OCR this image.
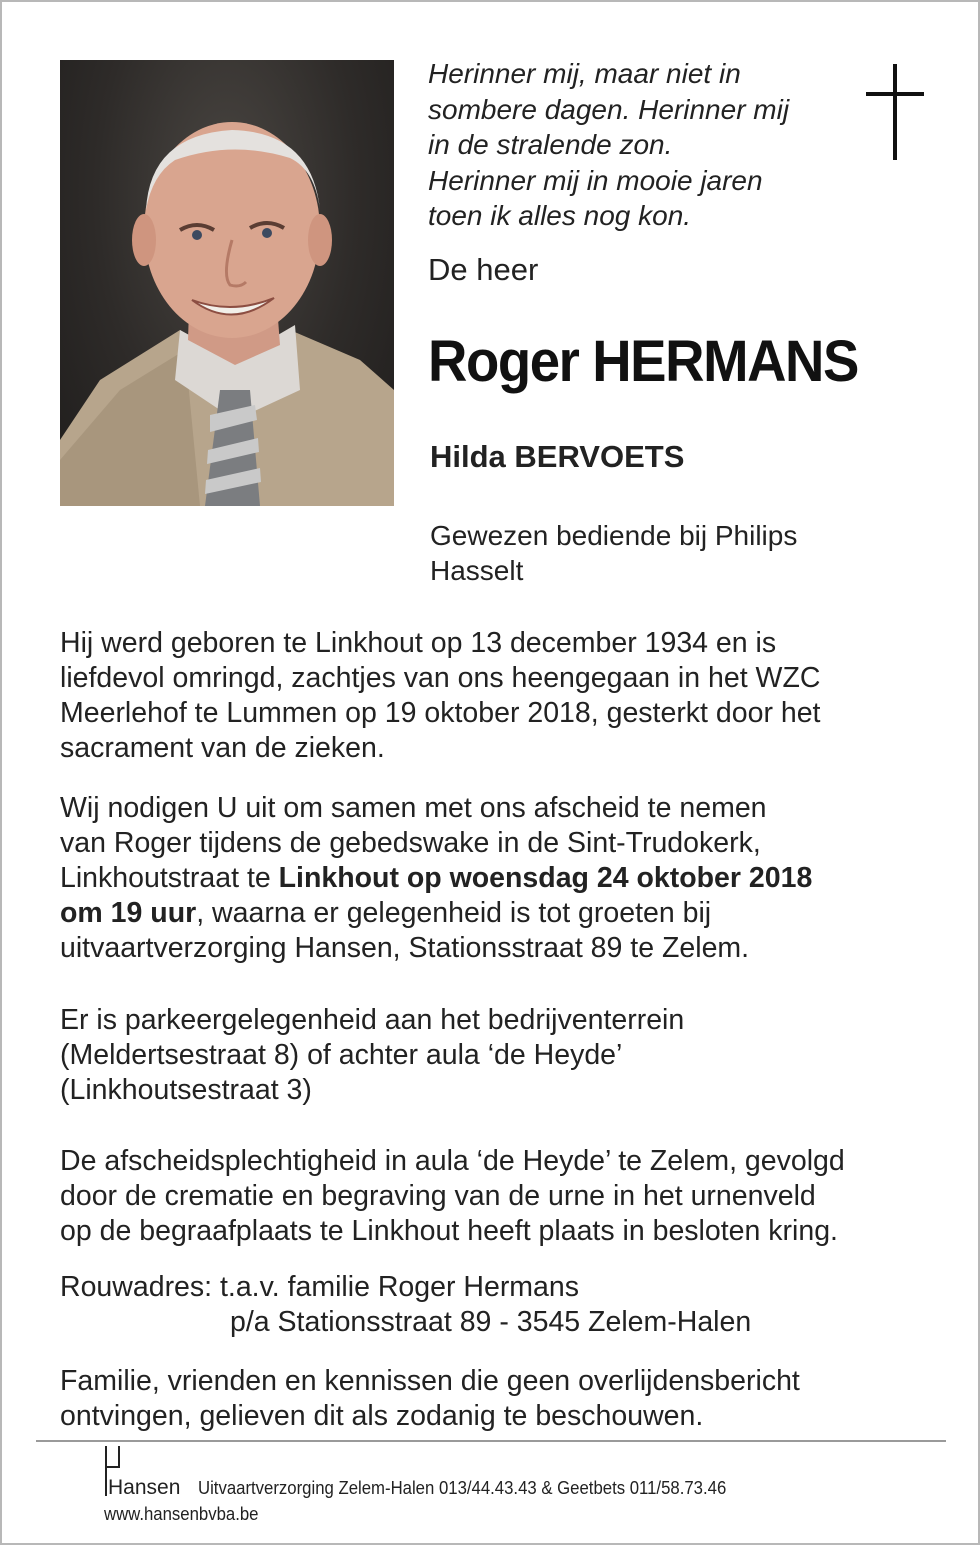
Herinner mij, maar niet in
sombere dagen. Herinner mij
in de stralende zon.
Herinner mij in mooie jaren
toen ik alles nog kon.
De heer
Roger HERMANS
Hilda BERVOETS
Gewezen bediende bij Philips
Hasselt
Hij werd geboren te Linkhout op 13 december 1934 en is
liefdevol omringd, zachtjes van ons heengegaan in het WZC
Meerlehof te Lummen op 19 oktober 2018, gesterkt door het
sacrament van de zieken.
Wij nodigen U uit om samen met ons afscheid te nemen
van Roger tijdens de gebedswake in de Sint-Trudokerk,
Linkhoutstraat te Linkhout op woensdag 24 oktober 2018
om 19 uur, waarna er gelegenheid is tot groeten bij
uitvaartverzorging Hansen, Stationsstraat 89 te Zelem.
Er is parkeergelegenheid aan het bedrijventerrein
(Meldertsestraat 8) of achter aula ‘de Heyde’
(Linkhoutsestraat 3)
De afscheidsplechtigheid in aula ‘de Heyde’ te Zelem, gevolgd
door de crematie en begraving van de urne in het urnenveld
op de begraafplaats te Linkhout heeft plaats in besloten kring.
Rouwadres: t.a.v. familie Roger Hermans
p/a Stationsstraat 89 - 3545 Zelem-Halen
Familie, vrienden en kennissen die geen overlijdensbericht
ontvingen, gelieven dit als zodanig te beschouwen.
Hansen Uitvaartverzorging Zelem-Halen 013/44.43.43 & Geetbets 011/58.73.46
www.hansenbvba.be
